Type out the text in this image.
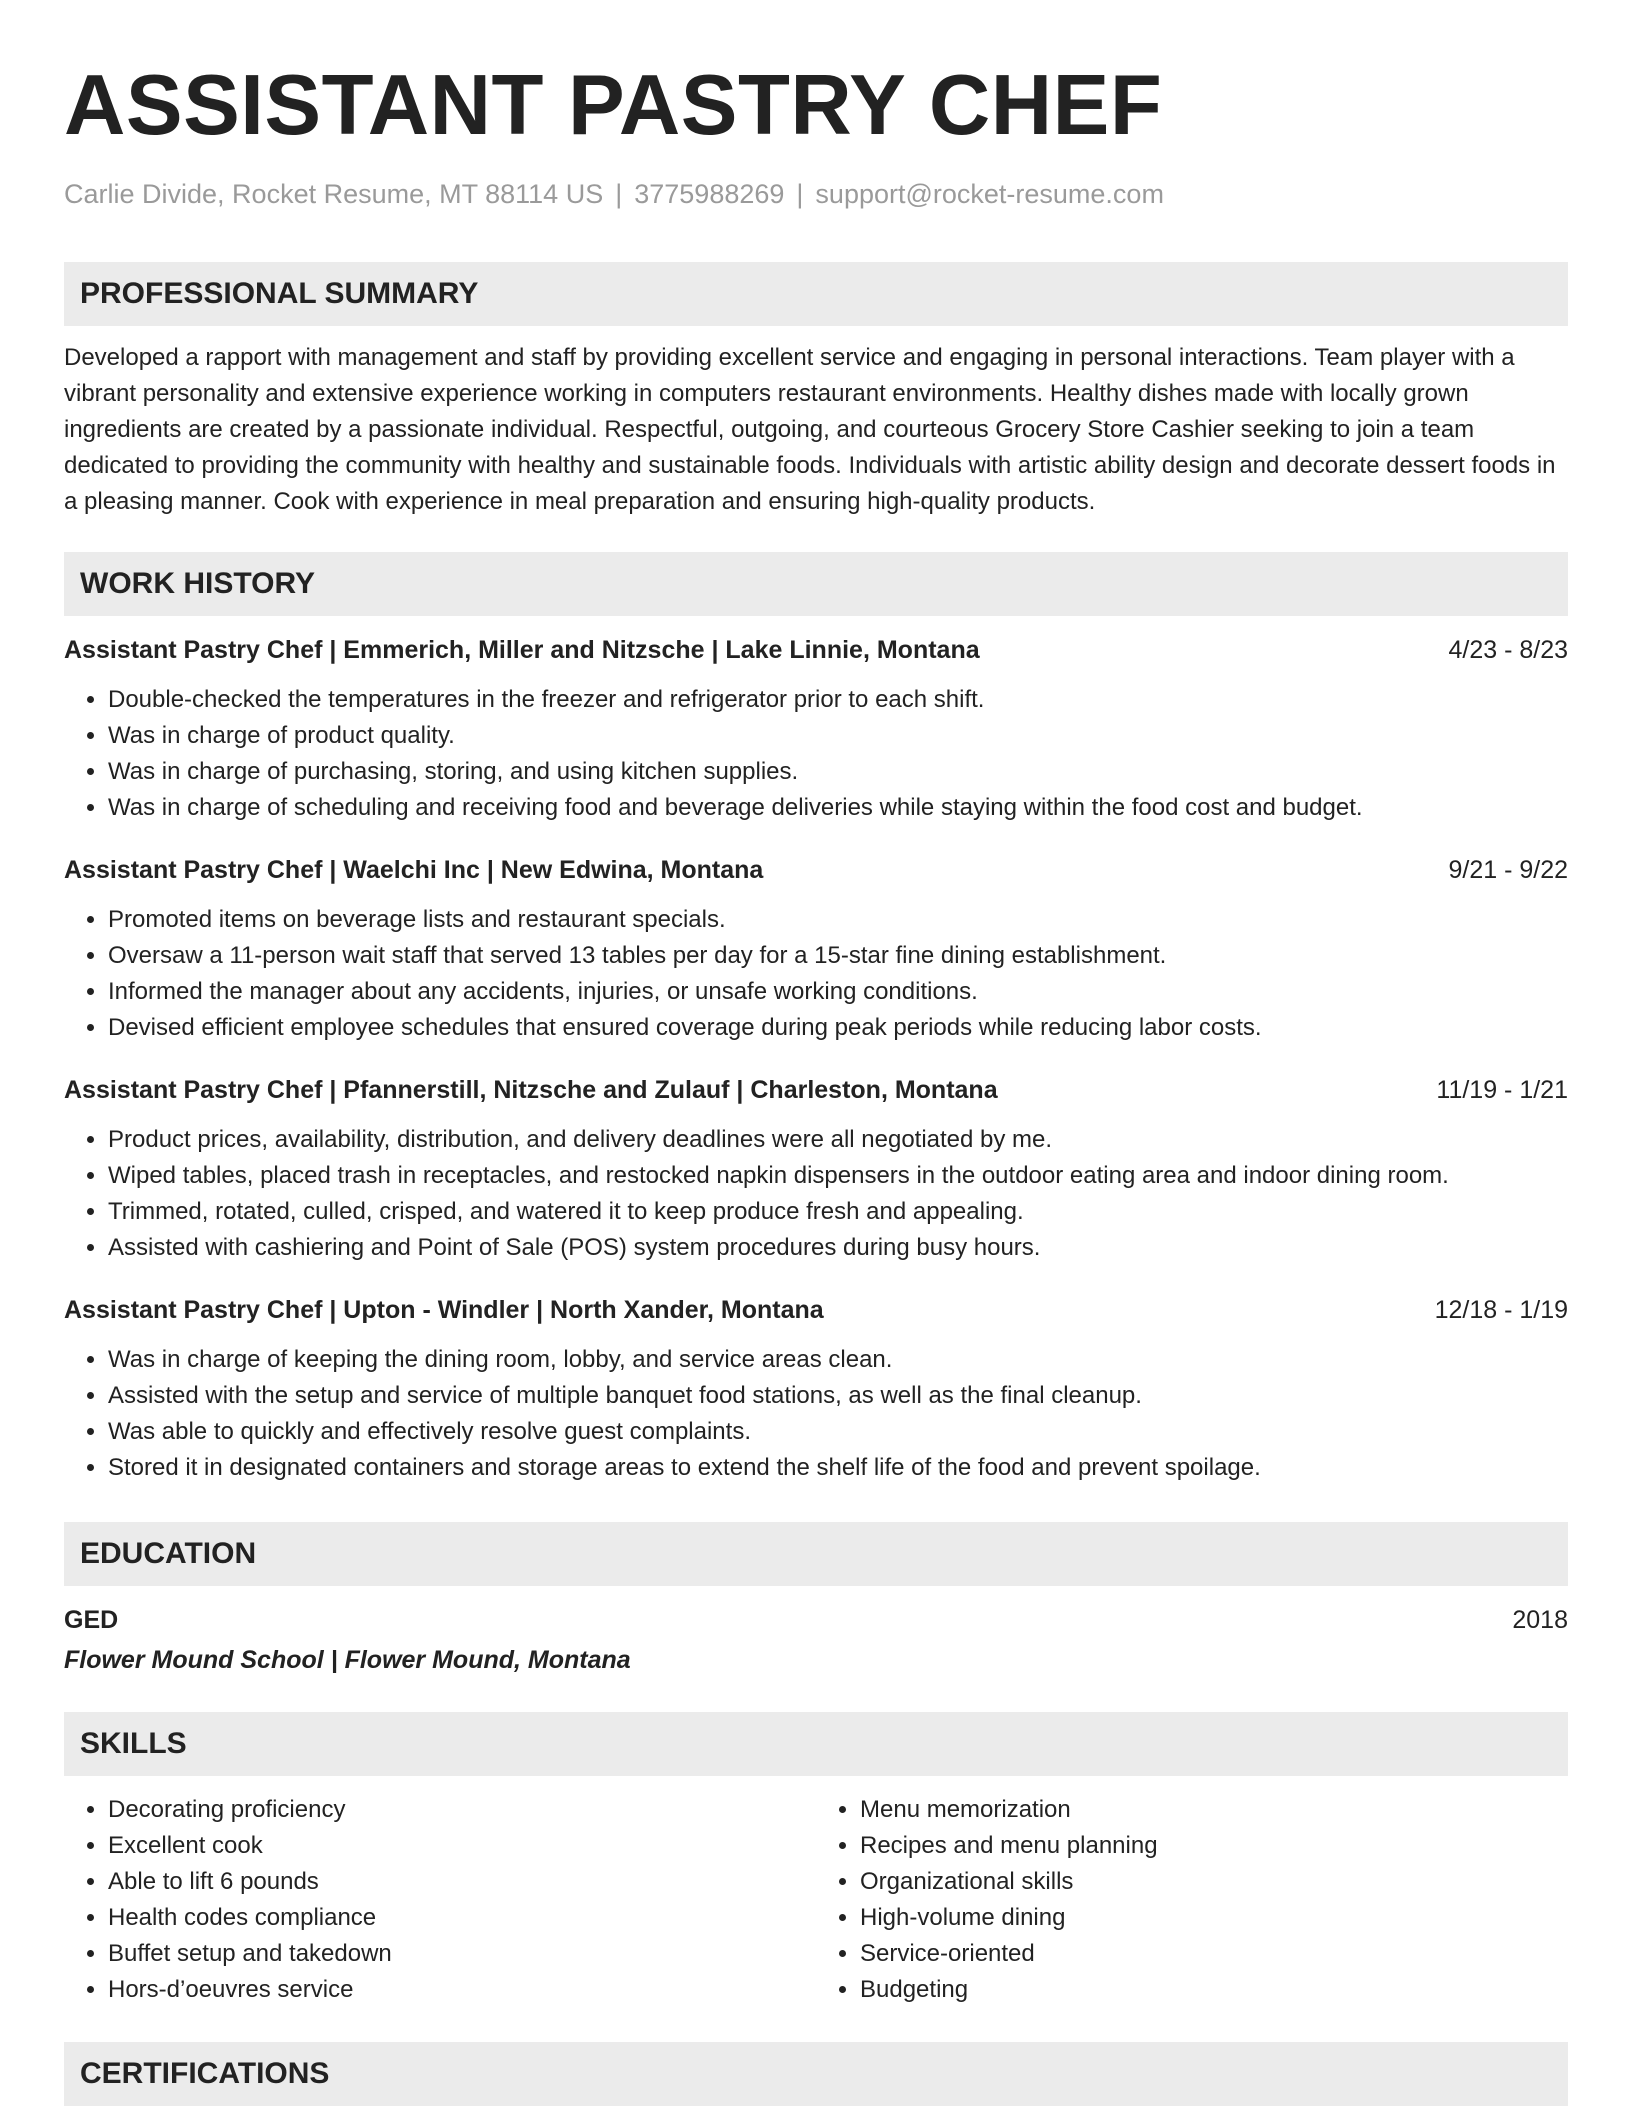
ASSISTANT PASTRY CHEF
Carlie Divide, Rocket Resume, MT 88114 US | 3775988269 | support@rocket-resume.com
PROFESSIONAL SUMMARY
Developed a rapport with management and staff by providing excellent service and engaging in personal interactions. Team player with a vibrant personality and extensive experience working in computers restaurant environments. Healthy dishes made with locally grown ingredients are created by a passionate individual. Respectful, outgoing, and courteous Grocery Store Cashier seeking to join a team dedicated to providing the community with healthy and sustainable foods. Individuals with artistic ability design and decorate dessert foods in a pleasing manner. Cook with experience in meal preparation and ensuring high-quality products.
WORK HISTORY
Assistant Pastry Chef | Emmerich, Miller and Nitzsche | Lake Linnie, Montana	4/23 - 8/23
• Double-checked the temperatures in the freezer and refrigerator prior to each shift.
• Was in charge of product quality.
• Was in charge of purchasing, storing, and using kitchen supplies.
• Was in charge of scheduling and receiving food and beverage deliveries while staying within the food cost and budget.
Assistant Pastry Chef | Waelchi Inc | New Edwina, Montana	9/21 - 9/22
• Promoted items on beverage lists and restaurant specials.
• Oversaw a 11-person wait staff that served 13 tables per day for a 15-star fine dining establishment.
• Informed the manager about any accidents, injuries, or unsafe working conditions.
• Devised efficient employee schedules that ensured coverage during peak periods while reducing labor costs.
Assistant Pastry Chef | Pfannerstill, Nitzsche and Zulauf | Charleston, Montana	11/19 - 1/21
• Product prices, availability, distribution, and delivery deadlines were all negotiated by me.
• Wiped tables, placed trash in receptacles, and restocked napkin dispensers in the outdoor eating area and indoor dining room.
• Trimmed, rotated, culled, crisped, and watered it to keep produce fresh and appealing.
• Assisted with cashiering and Point of Sale (POS) system procedures during busy hours.
Assistant Pastry Chef | Upton - Windler | North Xander, Montana	12/18 - 1/19
• Was in charge of keeping the dining room, lobby, and service areas clean.
• Assisted with the setup and service of multiple banquet food stations, as well as the final cleanup.
• Was able to quickly and effectively resolve guest complaints.
• Stored it in designated containers and storage areas to extend the shelf life of the food and prevent spoilage.
EDUCATION
GED	2018
Flower Mound School | Flower Mound, Montana
SKILLS
• Decorating proficiency
• Excellent cook
• Able to lift 6 pounds
• Health codes compliance
• Buffet setup and takedown
• Hors-d’oeuvres service
• Menu memorization
• Recipes and menu planning
• Organizational skills
• High-volume dining
• Service-oriented
• Budgeting
CERTIFICATIONS
